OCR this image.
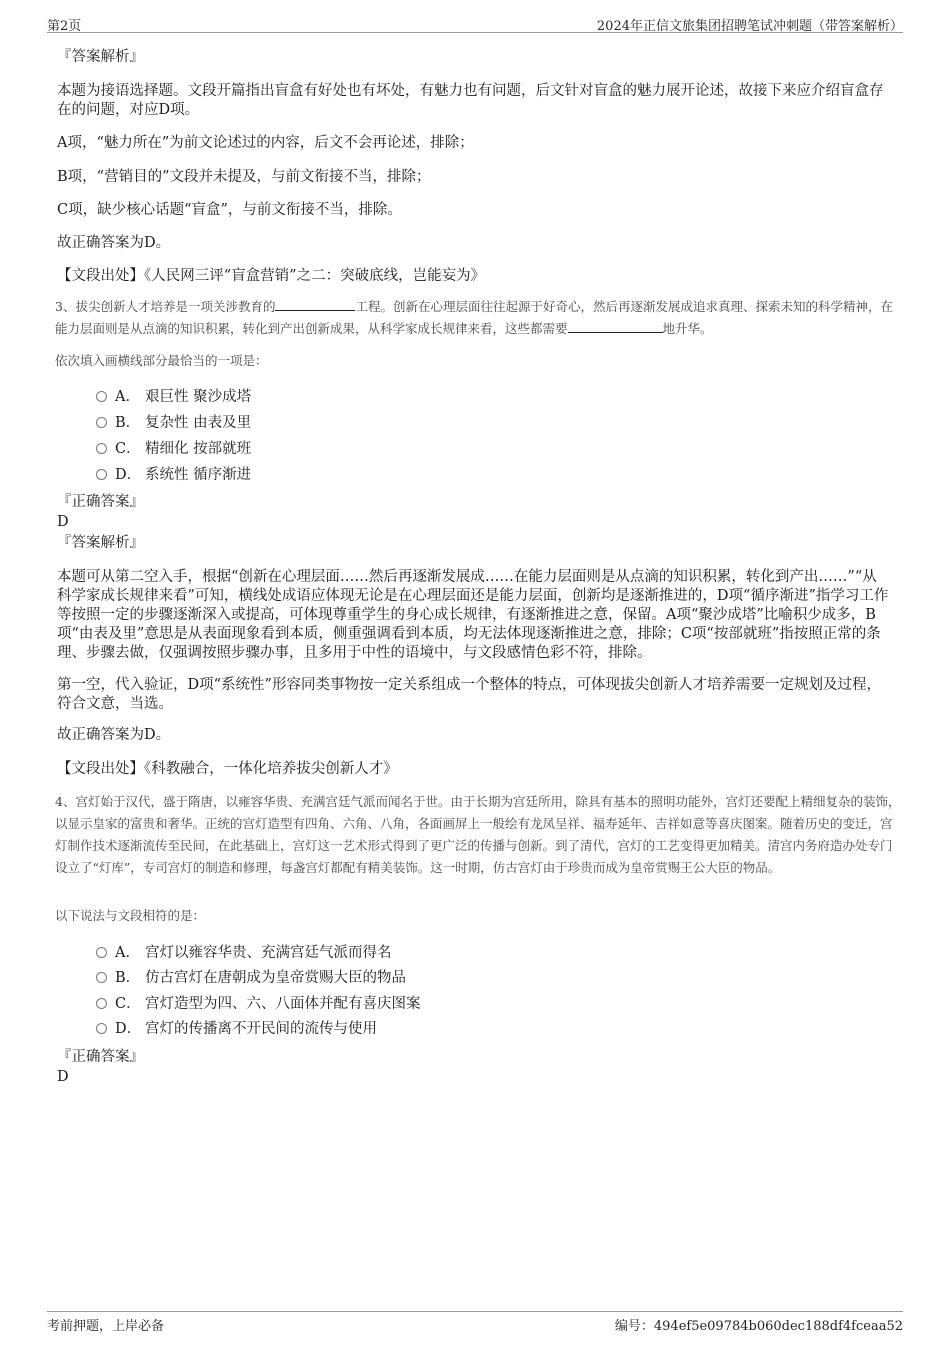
第2页	2024年正信文旅集团招聘笔试冲刺题（带答案解析）
『答案解析』
本题为接语选择题。文段开篇指出盲盒有好处也有坏处，有魅力也有问题，后文针对盲盒的魅力展开论述，故接下来应介绍盲盒存在的问题，对应D项。
A项，“魅力所在”为前文论述过的内容，后文不会再论述，排除；
B项，“营销目的”文段并未提及，与前文衔接不当，排除；
C项，缺少核心话题“盲盒”，与前文衔接不当，排除。
故正确答案为D。
【文段出处】《人民网三评“盲盒营销”之二：突破底线，岂能妄为》
3、拔尖创新人才培养是一项关涉教育的	工程。创新在心理层面往往起源于好奇心，然后再逐渐发展成追求真理、探索未知的科学精神，在能力层面则是从点滴的知识积累，转化到产出创新成果，从科学家成长规律来看，这些都需要	地升华。
依次填入画横线部分最恰当的一项是：
A． 艰巨性 聚沙成塔
B． 复杂性 由表及里
C． 精细化 按部就班
D． 系统性 循序渐进
『正确答案』
D
『答案解析』
本题可从第二空入手，根据“创新在心理层面……然后再逐渐发展成……在能力层面则是从点滴的知识积累，转化到产出……”“从科学家成长规律来看”可知，横线处成语应体现无论是在心理层面还是能力层面，创新均是逐渐推进的，D项“循序渐进”指学习工作等按照一定的步骤逐渐深入或提高，可体现尊重学生的身心成长规律，有逐渐推进之意，保留。A项“聚沙成塔”比喻积少成多，B项“由表及里”意思是从表面现象看到本质，侧重强调看到本质，均无法体现逐渐推进之意，排除；C项“按部就班”指按照正常的条理、步骤去做，仅强调按照步骤办事，且多用于中性的语境中，与文段感情色彩不符，排除。
第一空，代入验证，D项“系统性”形容同类事物按一定关系组成一个整体的特点，可体现拔尖创新人才培养需要一定规划及过程，符合文意，当选。
故正确答案为D。
【文段出处】《科教融合，一体化培养拔尖创新人才》
4、宫灯始于汉代，盛于隋唐，以雍容华贵、充满宫廷气派而闻名于世。由于长期为宫廷所用，除具有基本的照明功能外，宫灯还要配上精细复杂的装饰，以显示皇家的富贵和奢华。正统的宫灯造型有四角、六角、八角，各面画屏上一般绘有龙凤呈祥、福寿延年、吉祥如意等喜庆图案。随着历史的变迁，宫灯制作技术逐渐流传至民间，在此基础上，宫灯这一艺术形式得到了更广泛的传播与创新。到了清代，宫灯的工艺变得更加精美。清宫内务府造办处专门设立了“灯库”，专司宫灯的制造和修理，每盏宫灯都配有精美装饰。这一时期，仿古宫灯由于珍贵而成为皇帝赏赐王公大臣的物品。
以下说法与文段相符的是：
A． 宫灯以雍容华贵、充满宫廷气派而得名
B． 仿古宫灯在唐朝成为皇帝赏赐大臣的物品
C． 宫灯造型为四、六、八面体并配有喜庆图案
D． 宫灯的传播离不开民间的流传与使用
『正确答案』
D
考前押题，上岸必备	编号：494ef5e09784b060dec188df4fceaa52
